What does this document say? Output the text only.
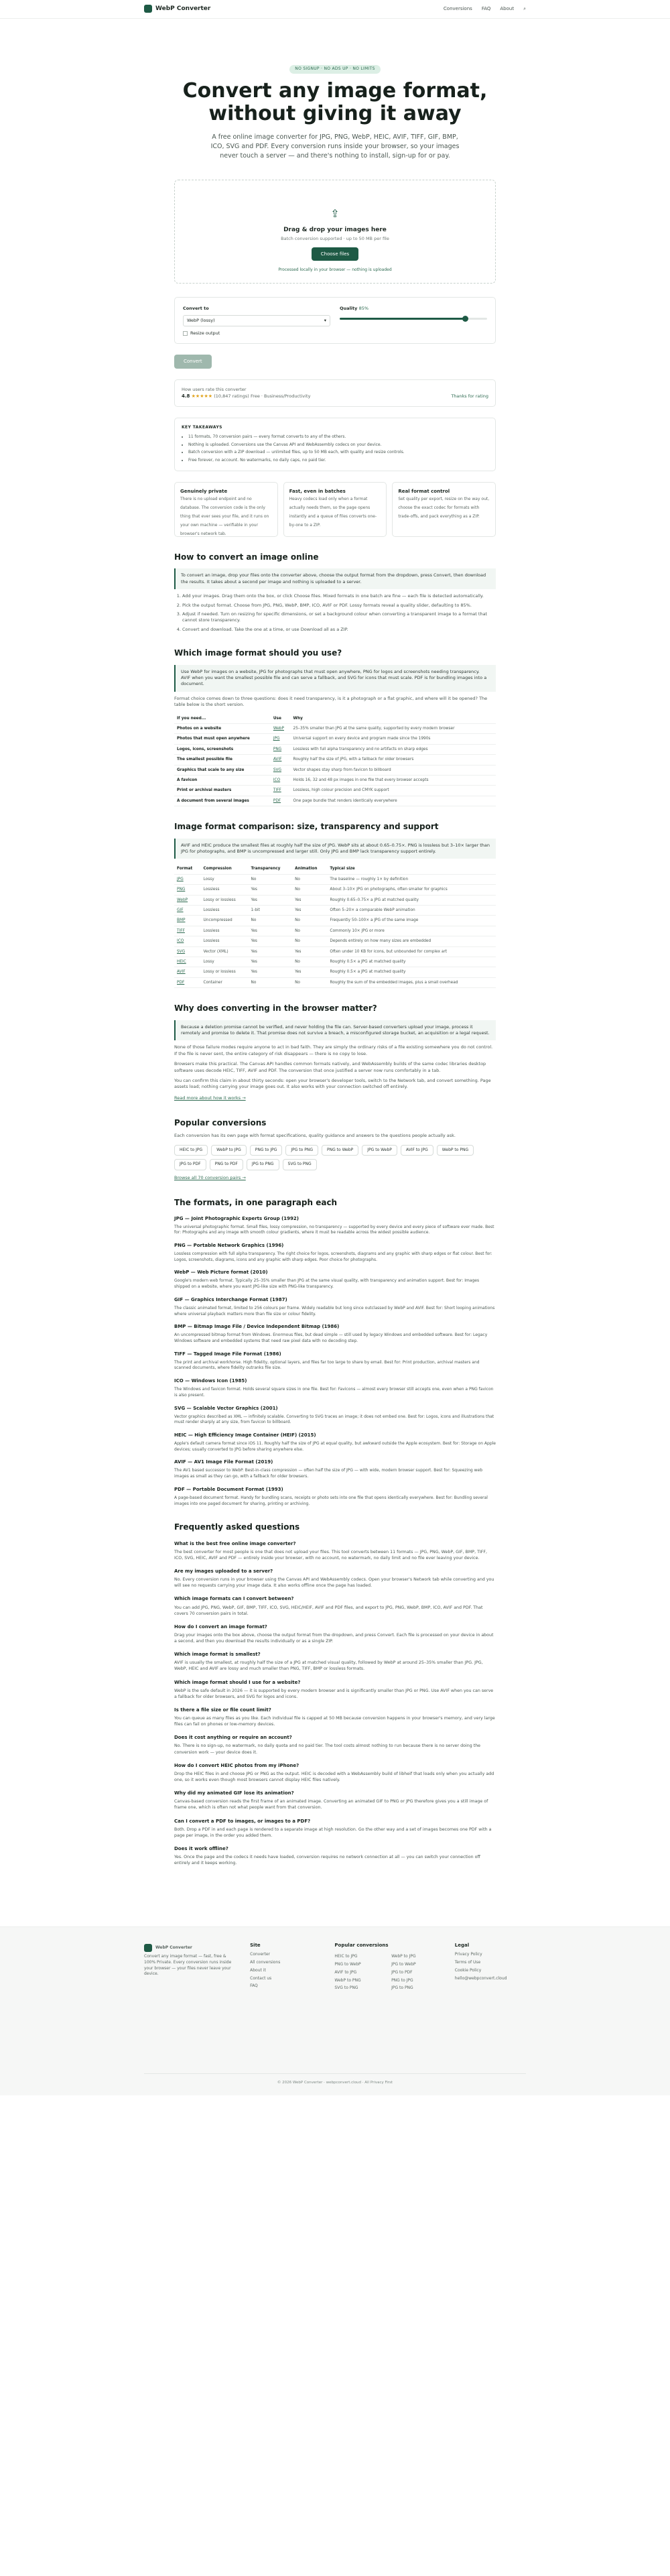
WebP Converter	Conversions FAQ About ⌕
NO SIGNUP · NO ADS UP · NO LIMITS
Convert any image format,
without giving it away

A free online image converter for JPG, PNG, WebP, HEIC, AVIF, TIFF, GIF, BMP, ICO, SVG and PDF. Every conversion runs inside your browser, so your images never touch a server — and there's nothing to install, sign-up for or pay.

⇪
Drag & drop your images here
Batch conversion supported · up to 50 MB per file
Choose files
Processed locally in your browser — nothing is uploaded
Convert to
WebP (lossy)	▾
Resize output
Quality 85%
Convert
How users rate this converter
4.8 ★★★★★ (10,847 ratings) Free · Business/Productivity	Thanks for rating
KEY TAKEAWAYS
• 11 formats, 70 conversion pairs — every format converts to any of the others.
• Nothing is uploaded. Conversions use the Canvas API and WebAssembly codecs on your device.
• Batch conversion with a ZIP download — unlimited files, up to 50 MB each, with quality and resize controls.
• Free forever, no account. No watermarks, no daily caps, no paid tier.
Genuinely private
There is no upload endpoint and no database. The conversion code is the only thing that ever sees your file, and it runs on your own machine — verifiable in your browser's network tab.
Fast, even in batches
Heavy codecs load only when a format actually needs them, so the page opens instantly and a queue of files converts one-by-one to a ZIP.
Real format control
Set quality per export, resize on the way out, choose the exact codec for formats with trade-offs, and pack everything as a ZIP.
How to convert an image online
To convert an image, drop your files onto the converter above, choose the output format from the dropdown, press Convert, then download the results. It takes about a second per image and nothing is uploaded to a server.
1. Add your images. Drag them onto the box, or click Choose files. Mixed formats in one batch are fine — each file is detected automatically.
2. Pick the output format. Choose from JPG, PNG, WebP, BMP, ICO, AVIF or PDF. Lossy formats reveal a quality slider, defaulting to 85%.
3. Adjust if needed. Turn on resizing for specific dimensions, or set a background colour when converting a transparent image to a format that cannot store transparency.
4. Convert and download. Take the one at a time, or use Download all as a ZIP.
Which image format should you use?
Use WebP for images on a website, JPG for photographs that must open anywhere, PNG for logos and screenshots needing transparency. AVIF when you want the smallest possible file and can serve a fallback, and SVG for icons that must scale. PDF is for bundling images into a document.
Format choice comes down to three questions: does it need transparency, is it a photograph or a flat graphic, and where will it be opened? The table below is the short version.
If you need...	Use	Why
Photos on a website	WebP	25–35% smaller than JPG at the same quality, supported by every modern browser
Photos that must open anywhere	JPG	Universal support on every device and program made since the 1990s
Logos, icons, screenshots	PNG	Lossless with full alpha transparency and no artifacts on sharp edges
The smallest possible file	AVIF	Roughly half the size of JPG, with a fallback for older browsers
Graphics that scale to any size	SVG	Vector shapes stay sharp from favicon to billboard
A favicon	ICO	Holds 16, 32 and 48 px images in one file that every browser accepts
Print or archival masters	TIFF	Lossless, high colour precision and CMYK support
A document from several images	PDF	One page bundle that renders identically everywhere
Image format comparison: size, transparency and support
AVIF and HEIC produce the smallest files at roughly half the size of JPG. WebP sits at about 0.65–0.75×. PNG is lossless but 3–10× larger than JPG for photographs, and BMP is uncompressed and larger still. Only JPG and BMP lack transparency support entirely.
Format	Compression	Transparency	Animation	Typical size
JPG	Lossy	No	No	The baseline — roughly 1× by definition
PNG	Lossless	Yes	No	About 3–10× JPG on photographs, often smaller for graphics
WebP	Lossy or lossless	Yes	Yes	Roughly 0.65–0.75× a JPG at matched quality
GIF	Lossless	1-bit	Yes	Often 5–20× a comparable WebP animation
BMP	Uncompressed	No	No	Frequently 50–100× a JPG of the same image
TIFF	Lossless	Yes	No	Commonly 10× JPG or more
ICO	Lossless	Yes	No	Depends entirely on how many sizes are embedded
SVG	Vector (XML)	Yes	Yes	Often under 10 KB for icons, but unbounded for complex art
HEIC	Lossy	Yes	No	Roughly 0.5× a JPG at matched quality
AVIF	Lossy or lossless	Yes	Yes	Roughly 0.5× a JPG at matched quality
PDF	Container	No	No	Roughly the sum of the embedded images, plus a small overhead
Why does converting in the browser matter?
Because a deletion promise cannot be verified, and never holding the file can. Server-based converters upload your image, process it remotely and promise to delete it. That promise does not survive a breach, a misconfigured storage bucket, an acquisition or a legal request.
None of those failure modes require anyone to act in bad faith. They are simply the ordinary risks of a file existing somewhere you do not control. If the file is never sent, the entire category of risk disappears — there is no copy to lose.
Browsers make this practical. The Canvas API handles common formats natively, and WebAssembly builds of the same codec libraries desktop software uses decode HEIC, TIFF, AVIF and PDF. The conversion that once justified a server now runs comfortably in a tab.
You can confirm this claim in about thirty seconds: open your browser's developer tools, switch to the Network tab, and convert something. Page assets load; nothing carrying your image goes out. It also works with your connection switched off entirely.
Read more about how it works →
Popular conversions
Each conversion has its own page with format specifications, quality guidance and answers to the questions people actually ask.
HEIC to JPG	WebP to JPG	PNG to JPG	JPG to PNG	PNG to WebP	JPG to WebP	AVIF to JPG	WebP to PNG
JPG to PDF	PNG to PDF	JPG to PNG	SVG to PNG
Browse all 70 conversion pairs →
The formats, in one paragraph each
JPG — Joint Photographic Experts Group (1992)
The universal photographic format. Small files, lossy compression, no transparency — supported by every device and every piece of software ever made. Best for: Photographs and any image with smooth colour gradients, where it must be readable across the widest possible audience.
PNG — Portable Network Graphics (1996)
Lossless compression with full alpha transparency. The right choice for logos, screenshots, diagrams and any graphic with sharp edges or flat colour. Best for: Logos, screenshots, diagrams, icons and any graphic with sharp edges. Poor choice for photographs.
WebP — Web Picture format (2010)
Google's modern web format. Typically 25–35% smaller than JPG at the same visual quality, with transparency and animation support. Best for: Images shipped on a website, where you want JPG-like size with PNG-like transparency.
GIF — Graphics Interchange Format (1987)
The classic animated format, limited to 256 colours per frame. Widely readable but long since outclassed by WebP and AVIF. Best for: Short looping animations where universal playback matters more than file size or colour fidelity.
BMP — Bitmap Image File / Device Independent Bitmap (1986)
An uncompressed bitmap format from Windows. Enormous files, but dead simple — still used by legacy Windows and embedded software. Best for: Legacy Windows software and embedded systems that need raw pixel data with no decoding step.
TIFF — Tagged Image File Format (1986)
The print and archival workhorse. High fidelity, optional layers, and files far too large to share by email. Best for: Print production, archival masters and scanned documents, where fidelity outranks file size.
ICO — Windows Icon (1985)
The Windows and favicon format. Holds several square sizes in one file. Best for: Favicons — almost every browser still accepts one, even when a PNG favicon is also present.
SVG — Scalable Vector Graphics (2001)
Vector graphics described as XML — infinitely scalable. Converting to SVG traces an image; it does not embed one. Best for: Logos, icons and illustrations that must render sharply at any size, from favicon to billboard.
HEIC — High Efficiency Image Container (HEIF) (2015)
Apple's default camera format since iOS 11. Roughly half the size of JPG at equal quality, but awkward outside the Apple ecosystem. Best for: Storage on Apple devices; usually converted to JPG before sharing anywhere else.
AVIF — AV1 Image File Format (2019)
The AV1 based successor to WebP. Best-in-class compression — often half the size of JPG — with wide, modern browser support. Best for: Squeezing web images as small as they can go, with a fallback for older browsers.
PDF — Portable Document Format (1993)
A page-based document format. Handy for bundling scans, receipts or photo sets into one file that opens identically everywhere. Best for: Bundling several images into one paged document for sharing, printing or archiving.
Frequently asked questions
What is the best free online image converter?
The best converter for most people is one that does not upload your files. This tool converts between 11 formats — JPG, PNG, WebP, GIF, BMP, TIFF, ICO, SVG, HEIC, AVIF and PDF — entirely inside your browser, with no account, no watermark, no daily limit and no file ever leaving your device.
Are my images uploaded to a server?
No. Every conversion runs in your browser using the Canvas API and WebAssembly codecs. Open your browser's Network tab while converting and you will see no requests carrying your image data. It also works offline once the page has loaded.
Which image formats can I convert between?
You can add JPG, PNG, WebP, GIF, BMP, TIFF, ICO, SVG, HEIC/HEIF, AVIF and PDF files, and export to JPG, PNG, WebP, BMP, ICO, AVIF and PDF. That covers 70 conversion pairs in total.
How do I convert an image format?
Drag your images onto the box above, choose the output format from the dropdown, and press Convert. Each file is processed on your device in about a second, and then you download the results individually or as a single ZIP.
Which image format is smallest?
AVIF is usually the smallest, at roughly half the size of a JPG at matched visual quality, followed by WebP at around 25–35% smaller than JPG. JPG, WebP, HEIC and AVIF are lossy and much smaller than PNG, TIFF, BMP or lossless formats.
Which image format should I use for a website?
WebP is the safe default in 2026 — it is supported by every modern browser and is significantly smaller than JPG or PNG. Use AVIF when you can serve a fallback for older browsers, and SVG for logos and icons.
Is there a file size or file count limit?
You can queue as many files as you like. Each individual file is capped at 50 MB because conversion happens in your browser's memory, and very large files can fail on phones or low-memory devices.
Does it cost anything or require an account?
No. There is no sign-up, no watermark, no daily quota and no paid tier. The tool costs almost nothing to run because there is no server doing the conversion work — your device does it.
How do I convert HEIC photos from my iPhone?
Drop the HEIC files in and choose JPG or PNG as the output. HEIC is decoded with a WebAssembly build of libheif that loads only when you actually add one, so it works even though most browsers cannot display HEIC files natively.
Why did my animated GIF lose its animation?
Canvas-based conversion reads the first frame of an animated image. Converting an animated GIF to PNG or JPG therefore gives you a still image of frame one, which is often not what people want from that conversion.
Can I convert a PDF to images, or images to a PDF?
Both. Drop a PDF in and each page is rendered to a separate image at high resolution. Go the other way and a set of images becomes one PDF with a page per image, in the order you added them.
Does it work offline?
Yes. Once the page and the codecs it needs have loaded, conversion requires no network connection at all — you can switch your connection off entirely and it keeps working.
WebP Converter
Convert any image format — fast, free & 100% Private. Every conversion runs inside your browser — your files never leave your device.
Site
Converter
All conversions
About it
Contact us
FAQ
Popular conversions
HEIC to JPG	WebP to JPG
PNG to WebP	JPG to WebP
AVIF to JPG	JPG to PDF
WebP to PNG	PNG to JPG
SVG to PNG	JPG to PNG
Legal
Privacy Policy
Terms of Use
Cookie Policy
hello@webpconvert.cloud
© 2026 WebP Converter · webpconvert.cloud · All Privacy First
